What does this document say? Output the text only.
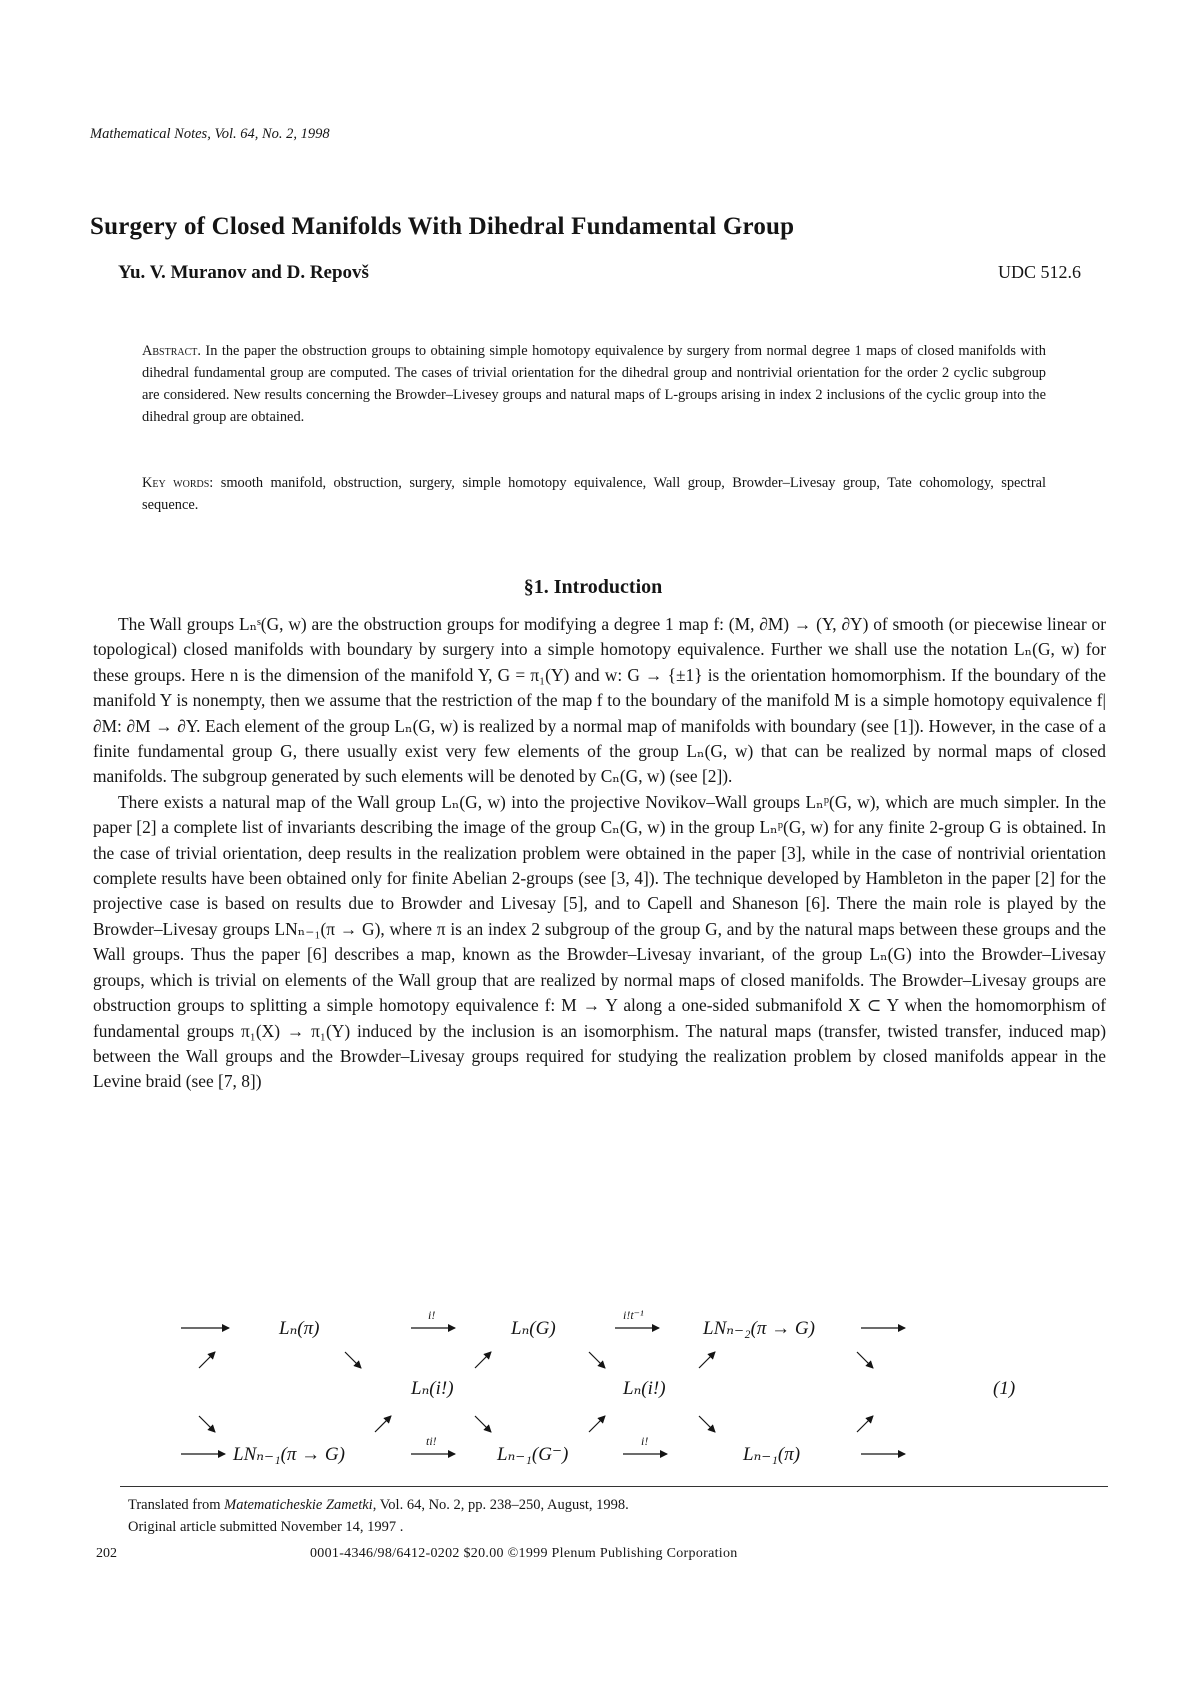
Mathematical Notes, Vol. 64, No. 2, 1998
Surgery of Closed Manifolds With Dihedral Fundamental Group
Yu. V. Muranov and D. Repovš	UDC 512.6
Abstract. In the paper the obstruction groups to obtaining simple homotopy equivalence by surgery from normal degree 1 maps of closed manifolds with dihedral fundamental group are computed. The cases of trivial orientation for the dihedral group and nontrivial orientation for the order 2 cyclic subgroup are considered. New results concerning the Browder–Livesey groups and natural maps of L-groups arising in index 2 inclusions of the cyclic group into the dihedral group are obtained.
Key words: smooth manifold, obstruction, surgery, simple homotopy equivalence, Wall group, Browder–Livesay group, Tate cohomology, spectral sequence.
§1. Introduction

The Wall groups Lₙˢ(G, w) are the obstruction groups for modifying a degree 1 map f: (M, ∂M) → (Y, ∂Y) of smooth (or piecewise linear or topological) closed manifolds with boundary by surgery into a simple homotopy equivalence. Further we shall use the notation Lₙ(G, w) for these groups. Here n is the dimension of the manifold Y, G = π₁(Y) and w: G → {±1} is the orientation homomorphism. If the boundary of the manifold Y is nonempty, then we assume that the restriction of the map f to the boundary of the manifold M is a simple homotopy equivalence f|∂M: ∂M → ∂Y. Each element of the group Lₙ(G, w) is realized by a normal map of manifolds with boundary (see [1]). However, in the case of a finite fundamental group G, there usually exist very few elements of the group Lₙ(G, w) that can be realized by normal maps of closed manifolds. The subgroup generated by such elements will be denoted by Cₙ(G, w) (see [2]).

There exists a natural map of the Wall group Lₙ(G, w) into the projective Novikov–Wall groups Lₙᵖ(G, w), which are much simpler. In the paper [2] a complete list of invariants describing the image of the group Cₙ(G, w) in the group Lₙᵖ(G, w) for any finite 2-group G is obtained. In the case of trivial orientation, deep results in the realization problem were obtained in the paper [3], while in the case of nontrivial orientation complete results have been obtained only for finite Abelian 2-groups (see [3, 4]). The technique developed by Hambleton in the paper [2] for the projective case is based on results due to Browder and Livesay [5], and to Capell and Shaneson [6]. There the main role is played by the Browder–Livesay groups LNₙ₋₁(π → G), where π is an index 2 subgroup of the group G, and by the natural maps between these groups and the Wall groups. Thus the paper [6] describes a map, known as the Browder–Livesay invariant, of the group Lₙ(G) into the Browder–Livesay groups, which is trivial on elements of the Wall group that are realized by normal maps of closed manifolds. The Browder–Livesay groups are obstruction groups to splitting a simple homotopy equivalence f: M → Y along a one-sided submanifold X ⊂ Y when the homomorphism of fundamental groups π₁(X) → π₁(Y) induced by the inclusion is an isomorphism. The natural maps (transfer, twisted transfer, induced map) between the Wall groups and the Browder–Livesay groups required for studying the realization problem by closed manifolds appear in the Levine braid (see [7, 8])

Lₙ(π)
i!
Lₙ(G)
i!t⁻¹
LNₙ₋₂(π → G)
Lₙ(i!)	Lₙ(i!)	(1)
LNₙ₋₁(π → G)
ti!
Lₙ₋₁(G⁻)
i!
Lₙ₋₁(π)
Translated from Matematicheskie Zametki, Vol. 64, No. 2, pp. 238–250, August, 1998.
Original article submitted November 14, 1997 .
202	0001-4346/98/6412-0202 $20.00 ©1999 Plenum Publishing Corporation
